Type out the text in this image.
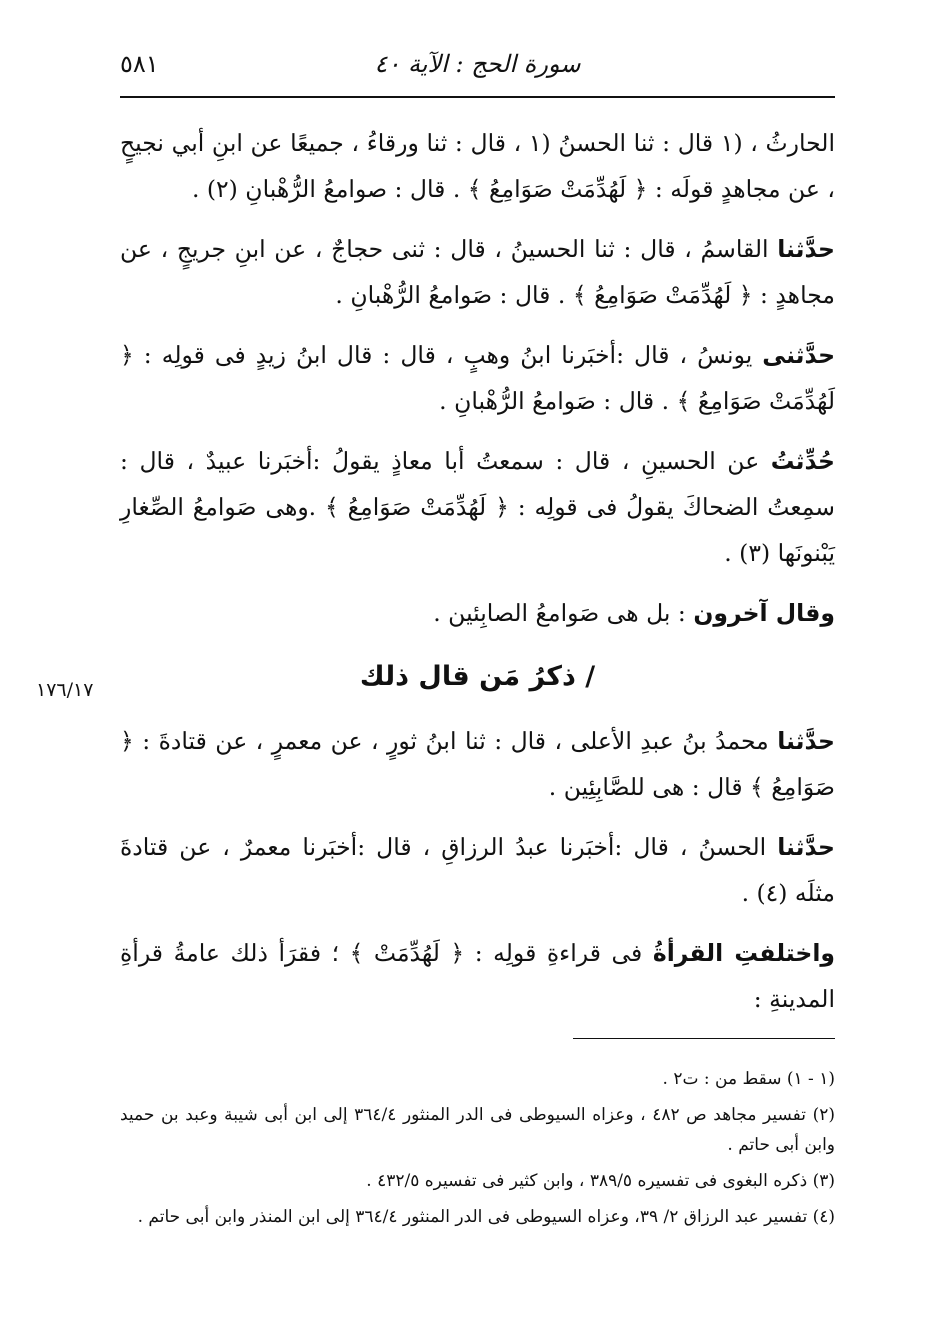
سورة الحج : الآية ٤٠
٥٨١
١٧٦/١٧

الحارثُ ، (١ قال : ثنا الحسنُ (١ ، قال : ثنا ورقاءُ ، جميعًا عن ابنِ أبي نجيحٍ ، عن مجاهدٍ قولَه : ﴿ لَهُدِّمَتْ صَوَامِعُ ﴾ . قال : صوامعُ الرُّهْبانِ (٢) .

حدَّثنا القاسمُ ، قال : ثنا الحسينُ ، قال : ثنى حجاجٌ ، عن ابنِ جريجٍ ، عن مجاهدٍ : ﴿ لَهُدِّمَتْ صَوَامِعُ ﴾ . قال : صَوامعُ الرُّهْبانِ .

حدَّثنى يونسُ ، قال :أخبَرنا ابنُ وهبٍ ، قال : قال ابنُ زيدٍ فى قولِه : ﴿ لَهُدِّمَتْ صَوَامِعُ ﴾ . قال : صَوامعُ الرُّهْبانِ .

حُدِّثتُ عن الحسينِ ، قال : سمعتُ أبا معاذٍ يقولُ :أخبَرنا عبيدٌ ، قال : سمِعتُ الضحاكَ يقولُ فى قولِه : ﴿ لَهُدِّمَتْ صَوَامِعُ ﴾ .وهى صَوامعُ الصِّغارِ يَبْنونَها (٣) .

وقال آخرون : بل هى صَوامعُ الصابِئين .

/ ذكرُ مَن قال ذلك

حدَّثنا محمدُ بنُ عبدِ الأعلى ، قال : ثنا ابنُ ثورٍ ، عن معمرٍ ، عن قتادةَ : ﴿ صَوَامِعُ ﴾ قال : هى للصَّابِئِين .

حدَّثنا الحسنُ ، قال :أخبَرنا عبدُ الرزاقِ ، قال :أخبَرنا معمرٌ ، عن قتادةَ مثلَه (٤) .

واختلفتِ القرأةُ فى قراءةِ قولِه : ﴿ لَهُدِّمَتْ ﴾ ؛ فقرَأ ذلك عامةُ قرأةِ المدينةِ :

(١ - ١) سقط من : ت٢ .

(٢) تفسير مجاهد ص ٤٨٢ ، وعزاه السيوطى فى الدر المنثور ٣٦٤/٤ إلى ابن أبى شيبة وعبد بن حميد وابن أبى حاتم .

(٣) ذكره البغوى فى تفسيره ٣٨٩/٥ ، وابن كثير فى تفسيره ٤٣٢/٥ .

(٤) تفسير عبد الرزاق ٢/ ٣٩، وعزاه السيوطى فى الدر المنثور ٣٦٤/٤ إلى ابن المنذر وابن أبى حاتم .
